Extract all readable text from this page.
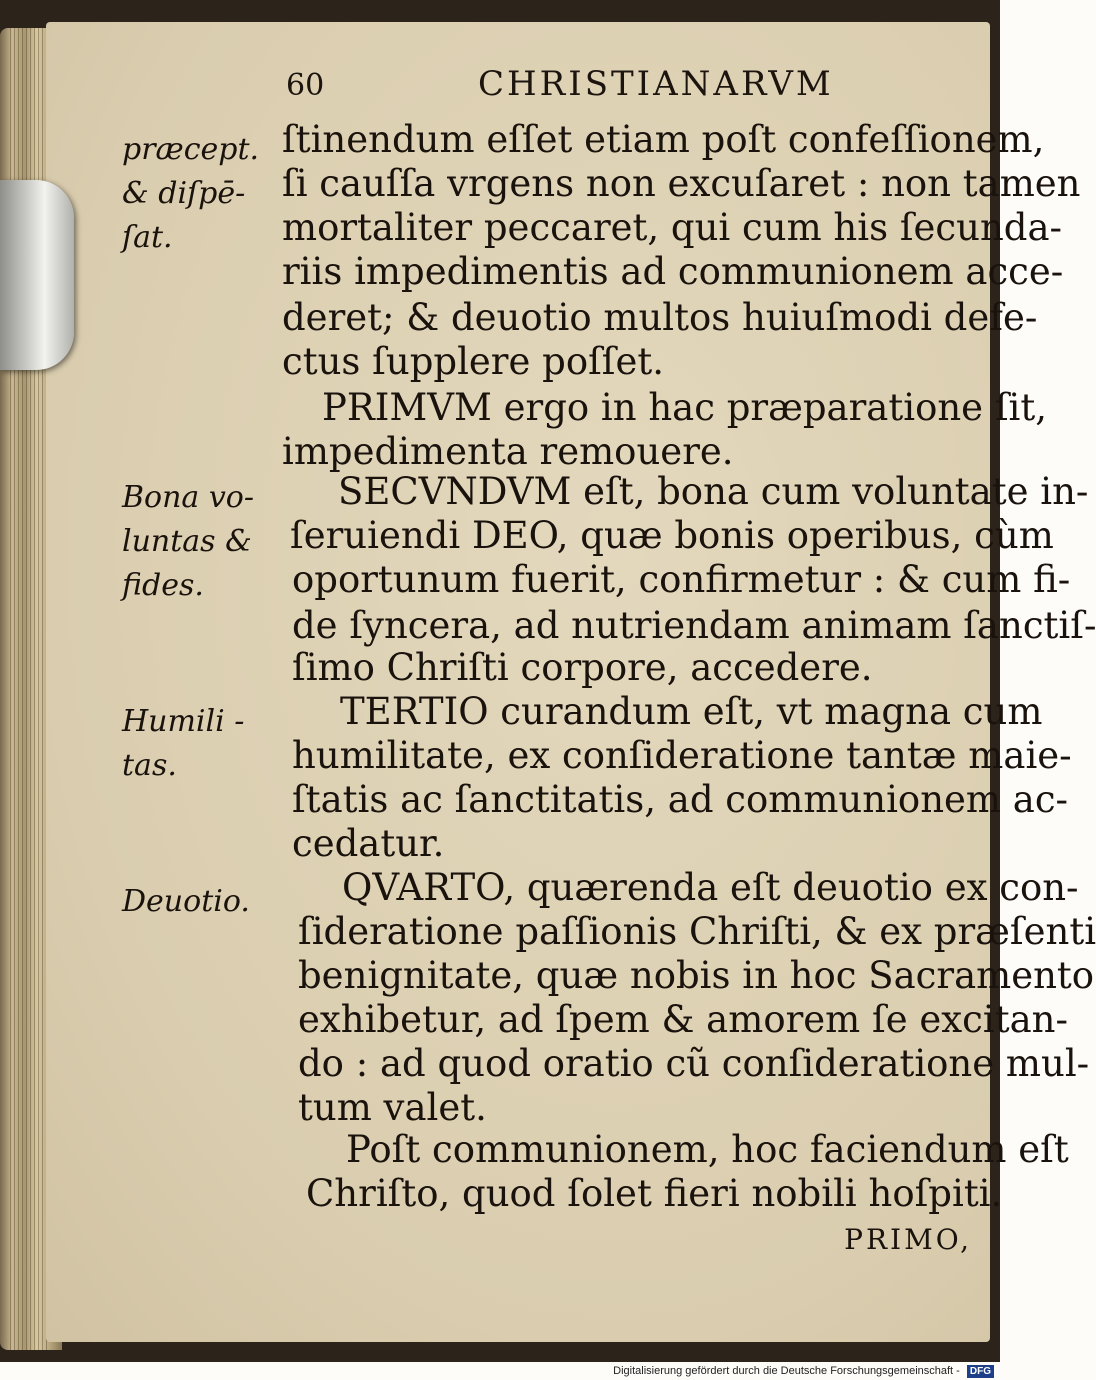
60	CHRISTIANARVM
præcept.
& diſpē-
ſat.
Bona vo-
luntas &
fides.
Humili -
tas.
Deuotio.
ſtinendum eſſet etiam poſt confeſſionem,
ſi cauſſa vrgens non excuſaret : non tamen
mortaliter peccaret, qui cum his ſecunda-
riis impedimentis ad communionem acce-
deret; & deuotio multos huiuſmodi defe-
ctus ſupplere poſſet.
PRIMVM ergo in hac præparatione ſit,
impedimenta remouere.
SECVNDVM eſt, bona cum voluntate in-
ſeruiendi DEO, quæ bonis operibus, cùm
oportunum fuerit, confirmetur : & cum fi-
de ſyncera, ad nutriendam animam ſanctiſ-
ſimo Chriſti corpore, accedere.
TERTIO curandum eſt, vt magna cum
humilitate, ex conſideratione tantæ maie-
ſtatis ac ſanctitatis, ad communionem ac-
cedatur.
QVARTO, quærenda eſt deuotio ex con-
ſideratione paſſionis Chriſti, & ex præſenti
benignitate, quæ nobis in hoc Sacramento
exhibetur, ad ſpem & amorem ſe excitan-
do : ad quod oratio cũ conſideratione mul-
tum valet.
Poſt communionem, hoc faciendum eſt
Chriſto, quod ſolet fieri nobili hoſpiti.
PRIMO,
Digitalisierung gefördert durch die Deutsche Forschungsgemeinschaft - DFG
